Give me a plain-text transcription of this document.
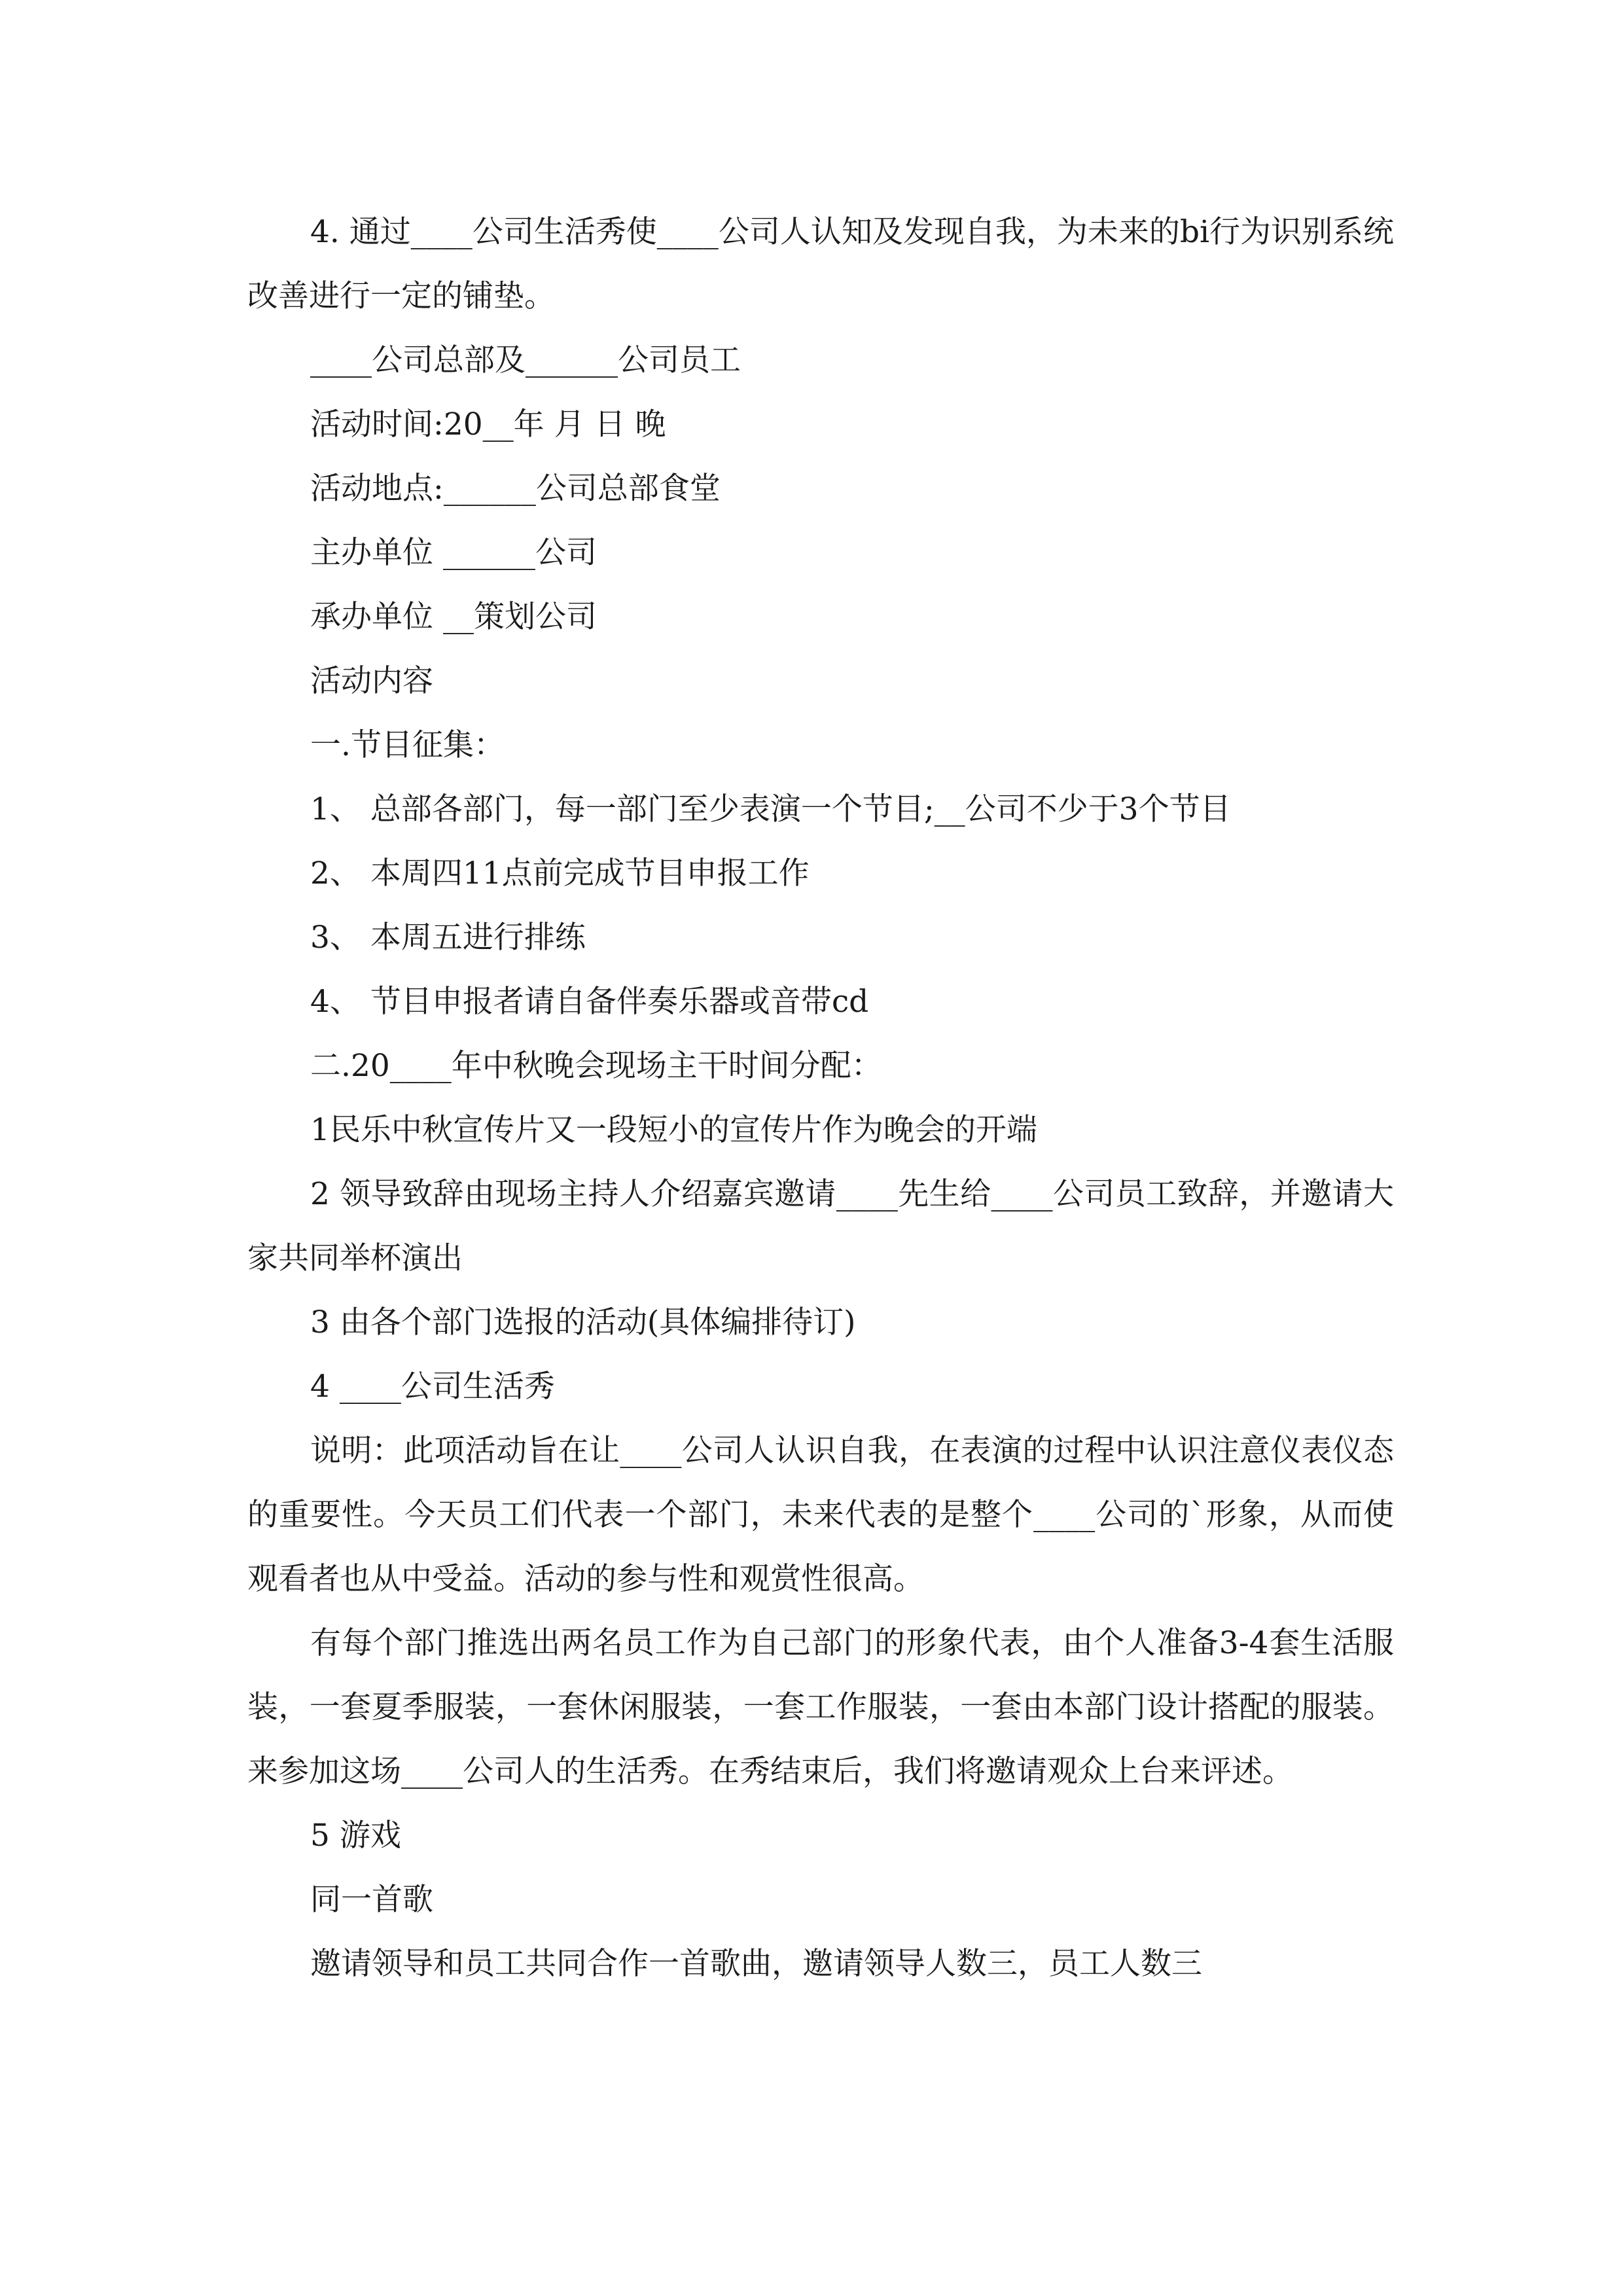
4. 通过____公司生活秀使____公司人认知及发现自我，为未来的bi行为识别系统改善进行一定的铺垫。

____公司总部及______公司员工

活动时间:20__年 月 日 晚

活动地点:______公司总部食堂

主办单位 ______公司

承办单位 __策划公司

活动内容

一.节目征集：

1、 总部各部门，每一部门至少表演一个节目;__公司不少于3个节目

2、 本周四11点前完成节目申报工作

3、 本周五进行排练

4、 节目申报者请自备伴奏乐器或音带cd

二.20____年中秋晚会现场主干时间分配：

1民乐中秋宣传片又一段短小的宣传片作为晚会的开端

2 领导致辞由现场主持人介绍嘉宾邀请____先生给____公司员工致辞，并邀请大家共同举杯演出

3 由各个部门选报的活动(具体编排待订)

4 ____公司生活秀

说明：此项活动旨在让____公司人认识自我，在表演的过程中认识注意仪表仪态的重要性。今天员工们代表一个部门，未来代表的是整个____公司的`形象，从而使观看者也从中受益。活动的参与性和观赏性很高。

有每个部门推选出两名员工作为自己部门的形象代表，由个人准备3-4套生活服装，一套夏季服装，一套休闲服装，一套工作服装，一套由本部门设计搭配的服装。来参加这场____公司人的生活秀。在秀结束后，我们将邀请观众上台来评述。

5 游戏

同一首歌

邀请领导和员工共同合作一首歌曲，邀请领导人数三，员工人数三
